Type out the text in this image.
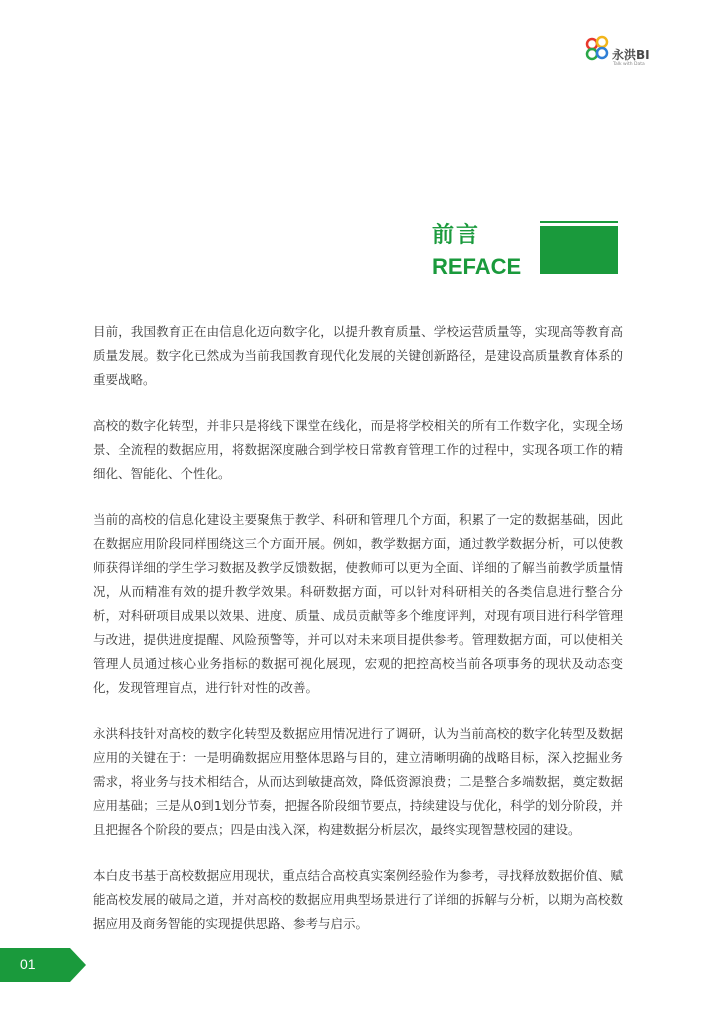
永洪BI
Talk with Data
前言
REFACE

目前，我国教育正在由信息化迈向数字化，以提升教育质量、学校运营质量等，实现高等教育高质量发展。数字化已然成为当前我国教育现代化发展的关键创新路径，是建设高质量教育体系的重要战略。

高校的数字化转型，并非只是将线下课堂在线化，而是将学校相关的所有工作数字化，实现全场景、全流程的数据应用，将数据深度融合到学校日常教育管理工作的过程中，实现各项工作的精细化、智能化、个性化。

当前的高校的信息化建设主要聚焦于教学、科研和管理几个方面，积累了一定的数据基础，因此在数据应用阶段同样围绕这三个方面开展。例如，教学数据方面，通过教学数据分析，可以使教师获得详细的学生学习数据及教学反馈数据，使教师可以更为全面、详细的了解当前教学质量情况，从而精准有效的提升教学效果。科研数据方面，可以针对科研相关的各类信息进行整合分析，对科研项目成果以效果、进度、质量、成员贡献等多个维度评判，对现有项目进行科学管理与改进，提供进度提醒、风险预警等，并可以对未来项目提供参考。管理数据方面，可以使相关管理人员通过核心业务指标的数据可视化展现，宏观的把控高校当前各项事务的现状及动态变化，发现管理盲点，进行针对性的改善。

永洪科技针对高校的数字化转型及数据应用情况进行了调研，认为当前高校的数字化转型及数据应用的关键在于：一是明确数据应用整体思路与目的，建立清晰明确的战略目标，深入挖掘业务需求，将业务与技术相结合，从而达到敏捷高效，降低资源浪费；二是整合多端数据，奠定数据应用基础；三是从0到1划分节奏，把握各阶段细节要点，持续建设与优化，科学的划分阶段，并且把握各个阶段的要点；四是由浅入深，构建数据分析层次，最终实现智慧校园的建设。

本白皮书基于高校数据应用现状，重点结合高校真实案例经验作为参考，寻找释放数据价值、赋能高校发展的破局之道，并对高校的数据应用典型场景进行了详细的拆解与分析，以期为高校数据应用及商务智能的实现提供思路、参考与启示。

01
